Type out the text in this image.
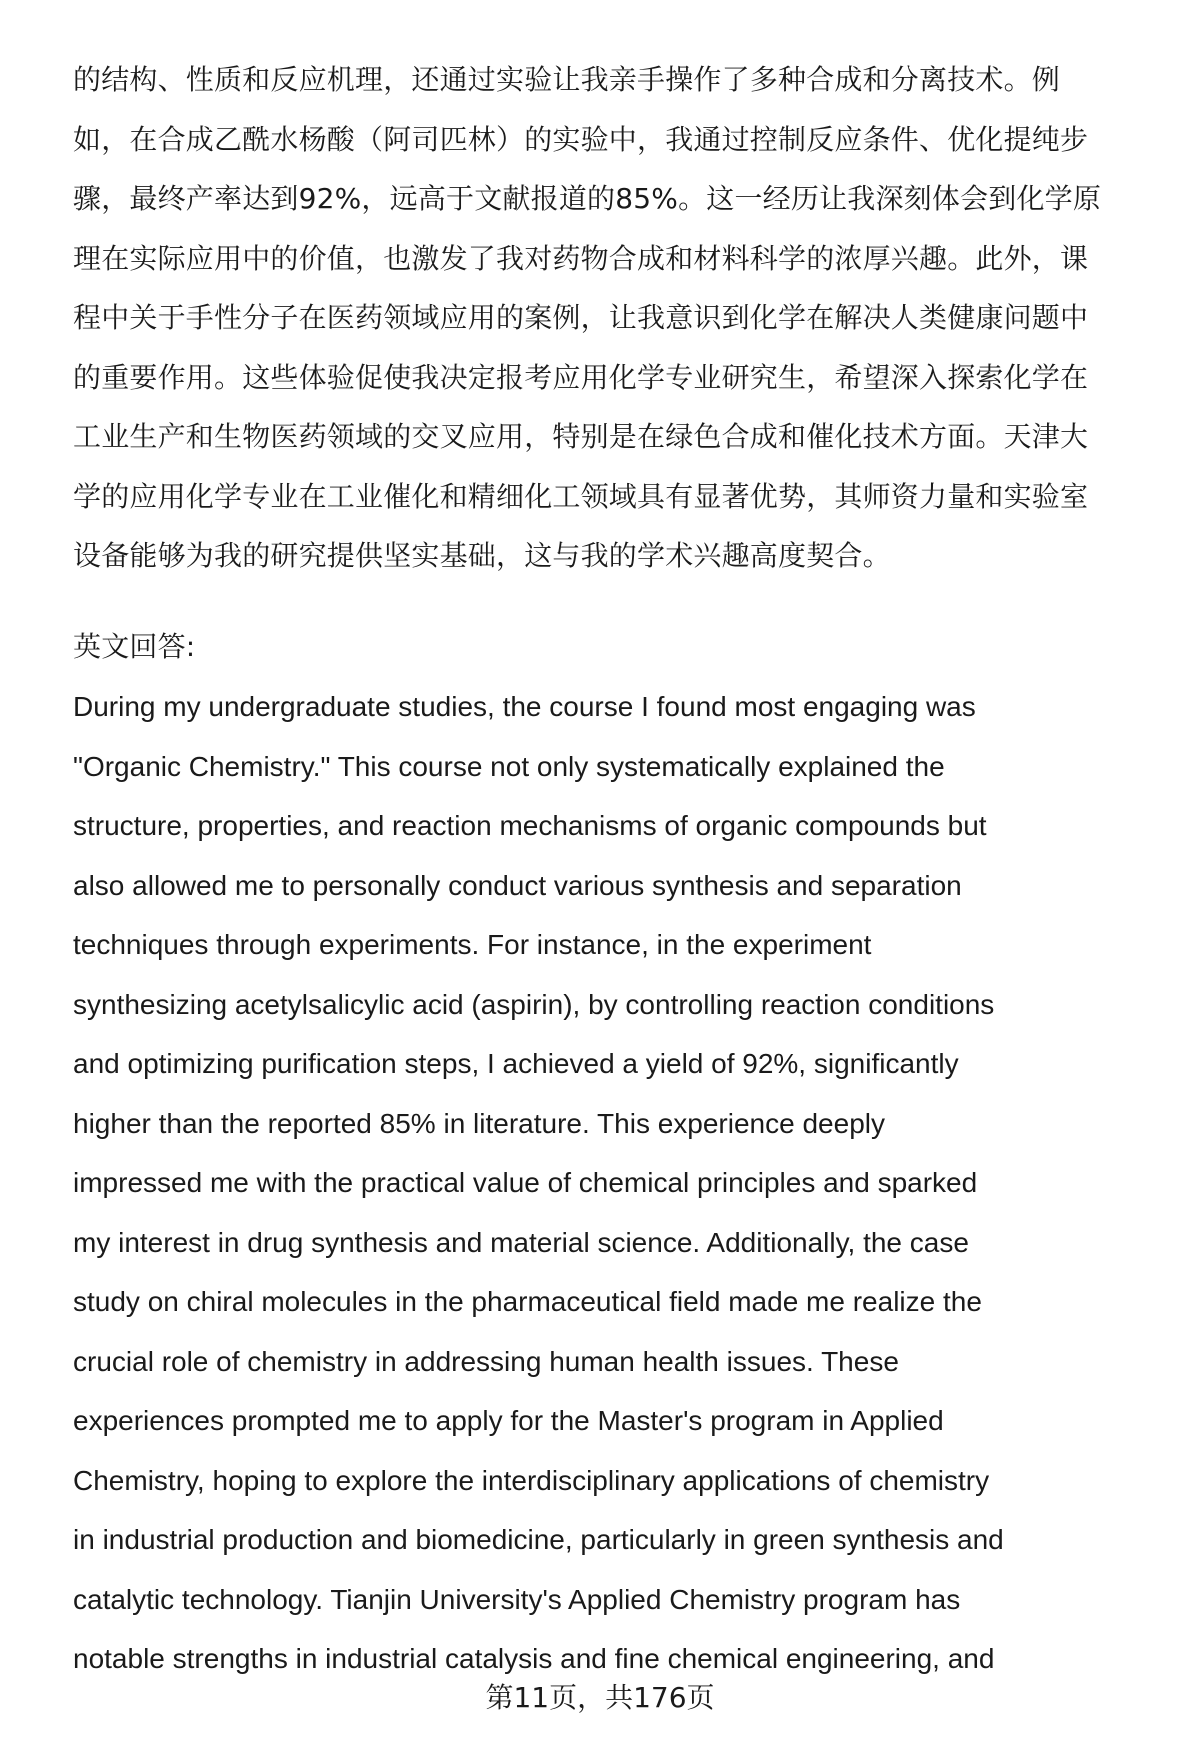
的结构、性质和反应机理，还通过实验让我亲手操作了多种合成和分离技术。例
如，在合成乙酰水杨酸（阿司匹林）的实验中，我通过控制反应条件、优化提纯步
骤，最终产率达到92%，远高于文献报道的85%。这一经历让我深刻体会到化学原
理在实际应用中的价值，也激发了我对药物合成和材料科学的浓厚兴趣。此外，课
程中关于手性分子在医药领域应用的案例，让我意识到化学在解决人类健康问题中
的重要作用。这些体验促使我决定报考应用化学专业研究生，希望深入探索化学在
工业生产和生物医药领域的交叉应用，特别是在绿色合成和催化技术方面。天津大
学的应用化学专业在工业催化和精细化工领域具有显著优势，其师资力量和实验室
设备能够为我的研究提供坚实基础，这与我的学术兴趣高度契合。
英文回答:
During my undergraduate studies, the course I found most engaging was
"Organic Chemistry." This course not only systematically explained the
structure, properties, and reaction mechanisms of organic compounds but
also allowed me to personally conduct various synthesis and separation
techniques through experiments. For instance, in the experiment
synthesizing acetylsalicylic acid (aspirin), by controlling reaction conditions
and optimizing purification steps, I achieved a yield of 92%, significantly
higher than the reported 85% in literature. This experience deeply
impressed me with the practical value of chemical principles and sparked
my interest in drug synthesis and material science. Additionally, the case
study on chiral molecules in the pharmaceutical field made me realize the
crucial role of chemistry in addressing human health issues. These
experiences prompted me to apply for the Master's program in Applied
Chemistry, hoping to explore the interdisciplinary applications of chemistry
in industrial production and biomedicine, particularly in green synthesis and
catalytic technology. Tianjin University's Applied Chemistry program has
notable strengths in industrial catalysis and fine chemical engineering, and
第11页，共176页
